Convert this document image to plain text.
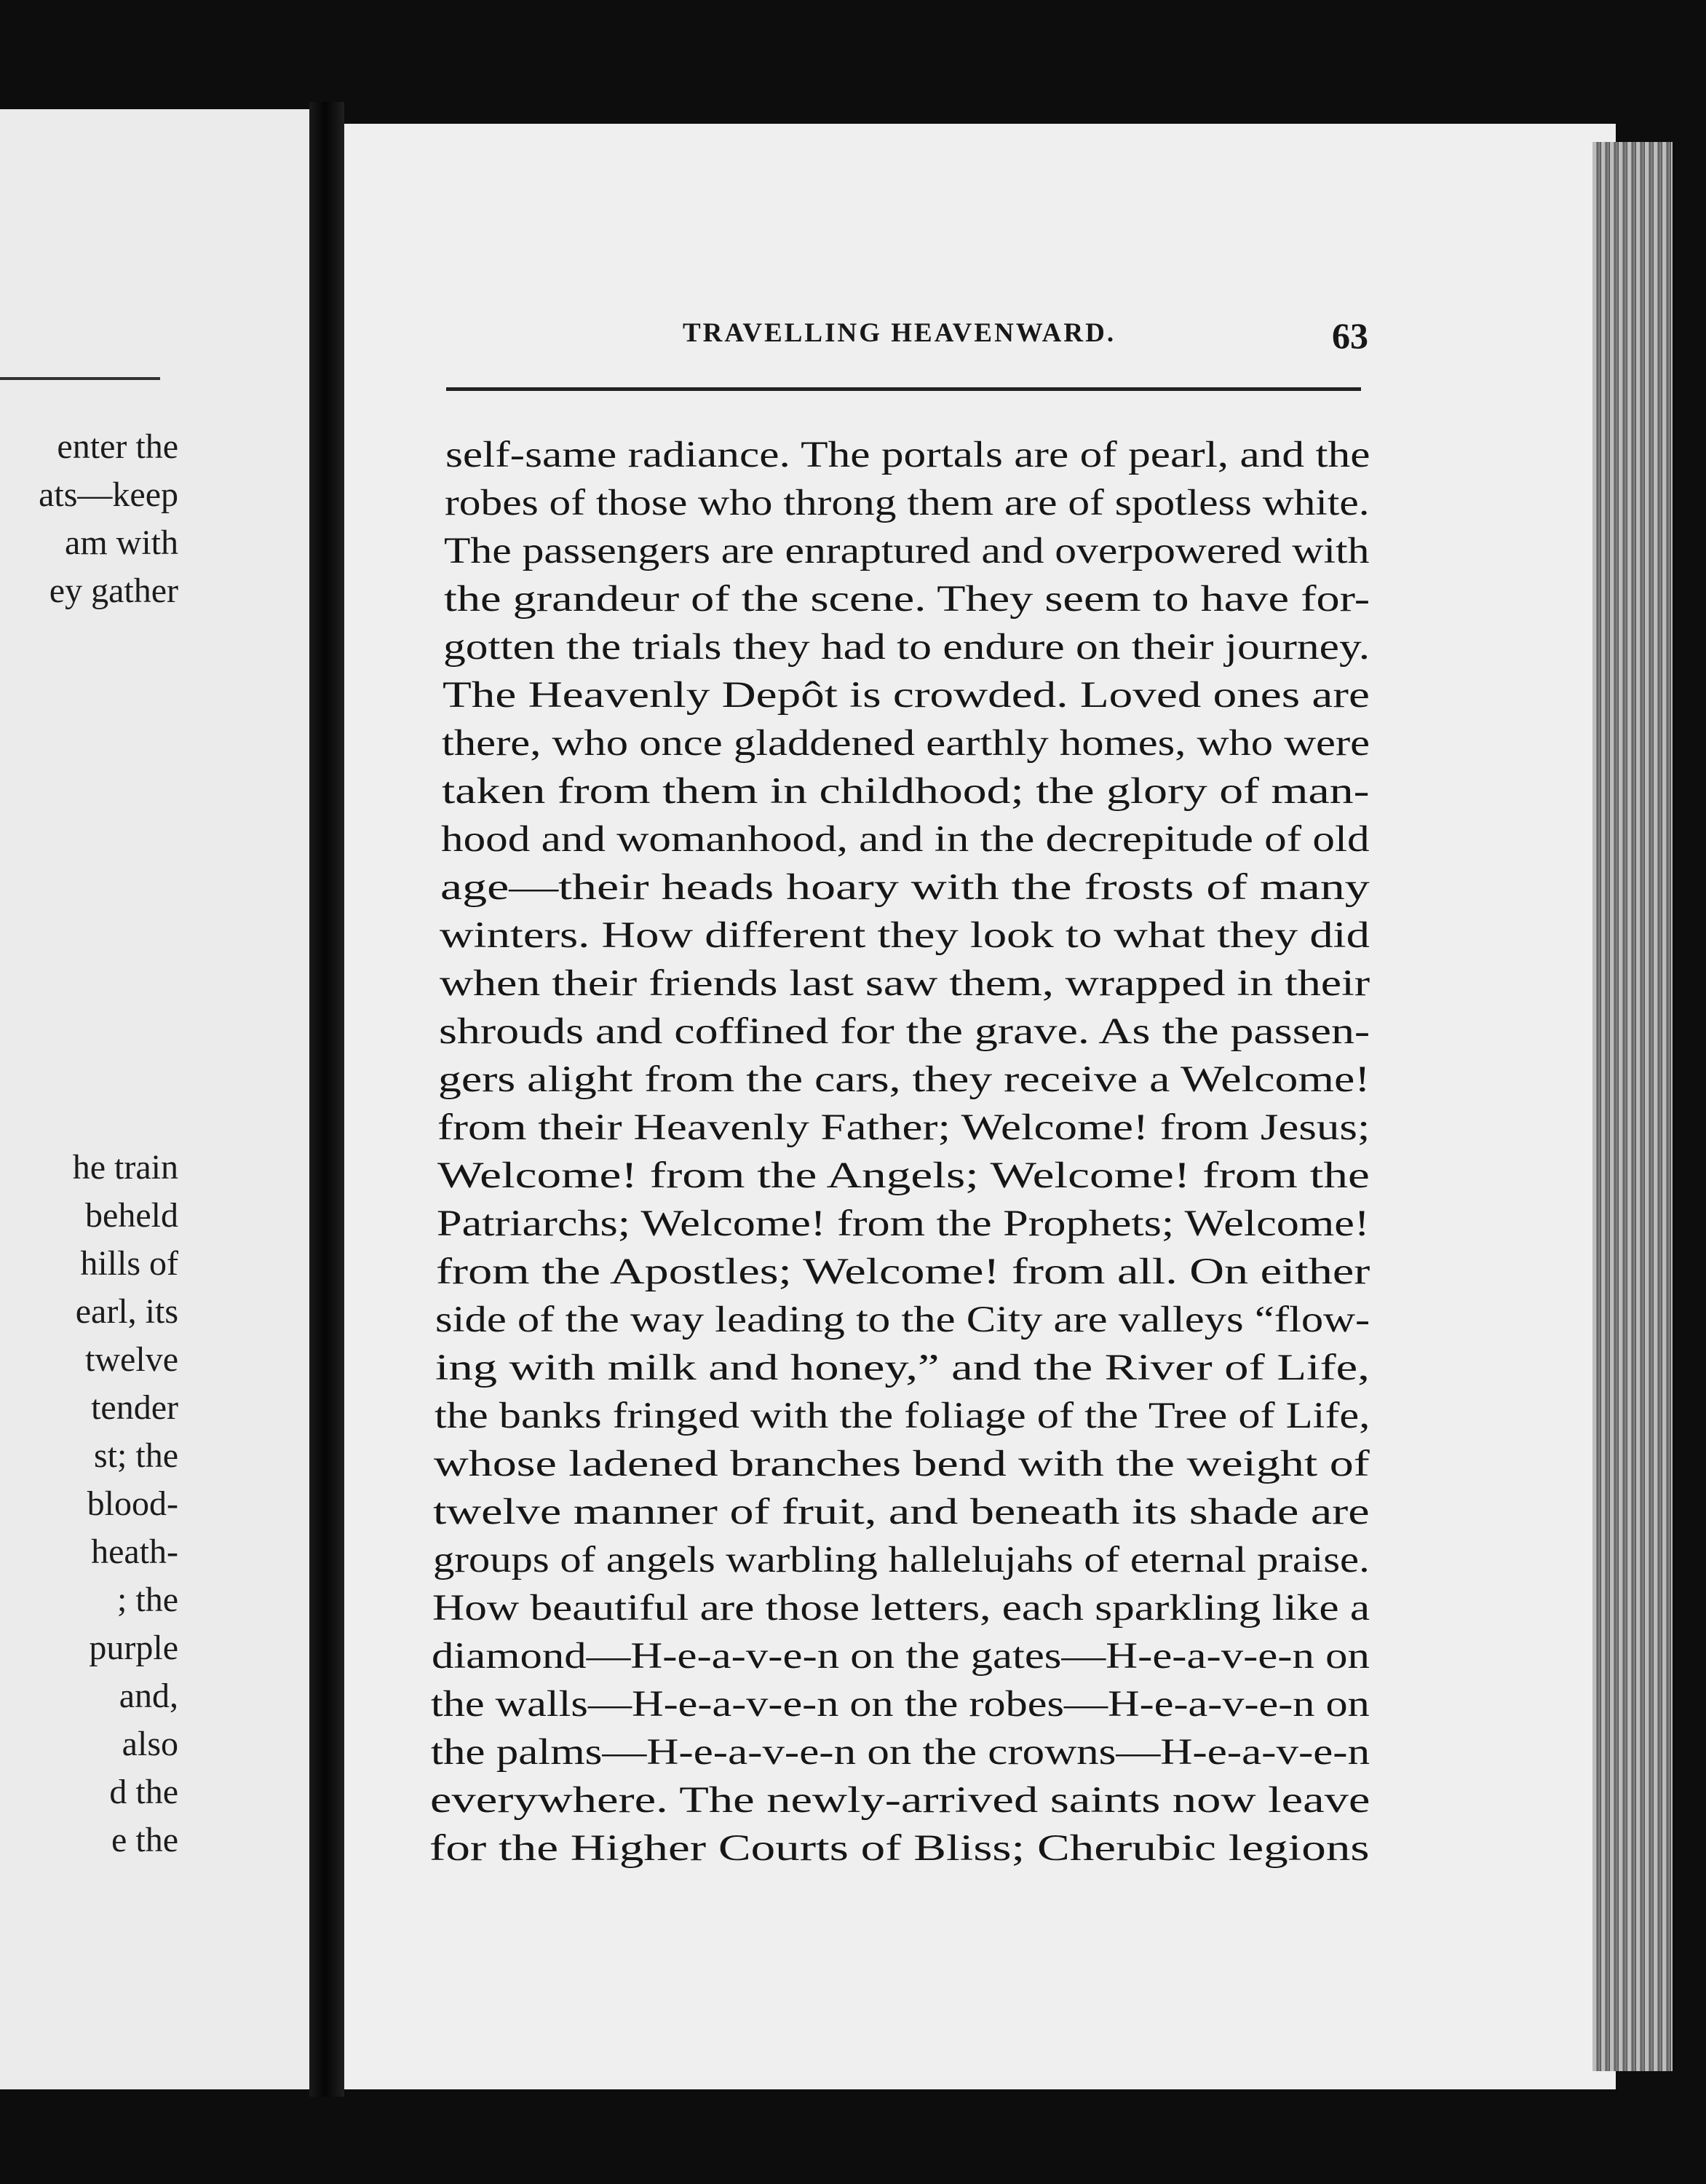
enter the
ats—keep
am with
ey gather
he train
beheld
hills of
earl, its
twelve
tender
st; the
blood-
heath-
; the
purple
and,
also
d the
e the
TRAVELLING HEAVENWARD.	63
self-same radiance. The portals are of pearl, and the
robes of those who throng them are of spotless white.
The passengers are enraptured and overpowered with
the grandeur of the scene. They seem to have for-
gotten the trials they had to endure on their journey.
The Heavenly Depôt is crowded. Loved ones are
there, who once gladdened earthly homes, who were
taken from them in childhood; the glory of man-
hood and womanhood, and in the decrepitude of old
age—their heads hoary with the frosts of many
winters. How different they look to what they did
when their friends last saw them, wrapped in their
shrouds and coffined for the grave. As the passen-
gers alight from the cars, they receive a Welcome!
from their Heavenly Father; Welcome! from Jesus;
Welcome! from the Angels; Welcome! from the
Patriarchs; Welcome! from the Prophets; Welcome!
from the Apostles; Welcome! from all. On either
side of the way leading to the City are valleys “flow-
ing with milk and honey,” and the River of Life,
the banks fringed with the foliage of the Tree of Life,
whose ladened branches bend with the weight of
twelve manner of fruit, and beneath its shade are
groups of angels warbling hallelujahs of eternal praise.
How beautiful are those letters, each sparkling like a
diamond—H-e-a-v-e-n on the gates—H-e-a-v-e-n on
the walls—H-e-a-v-e-n on the robes—H-e-a-v-e-n on
the palms—H-e-a-v-e-n on the crowns—H-e-a-v-e-n
everywhere. The newly-arrived saints now leave
for the Higher Courts of Bliss; Cherubic legions
